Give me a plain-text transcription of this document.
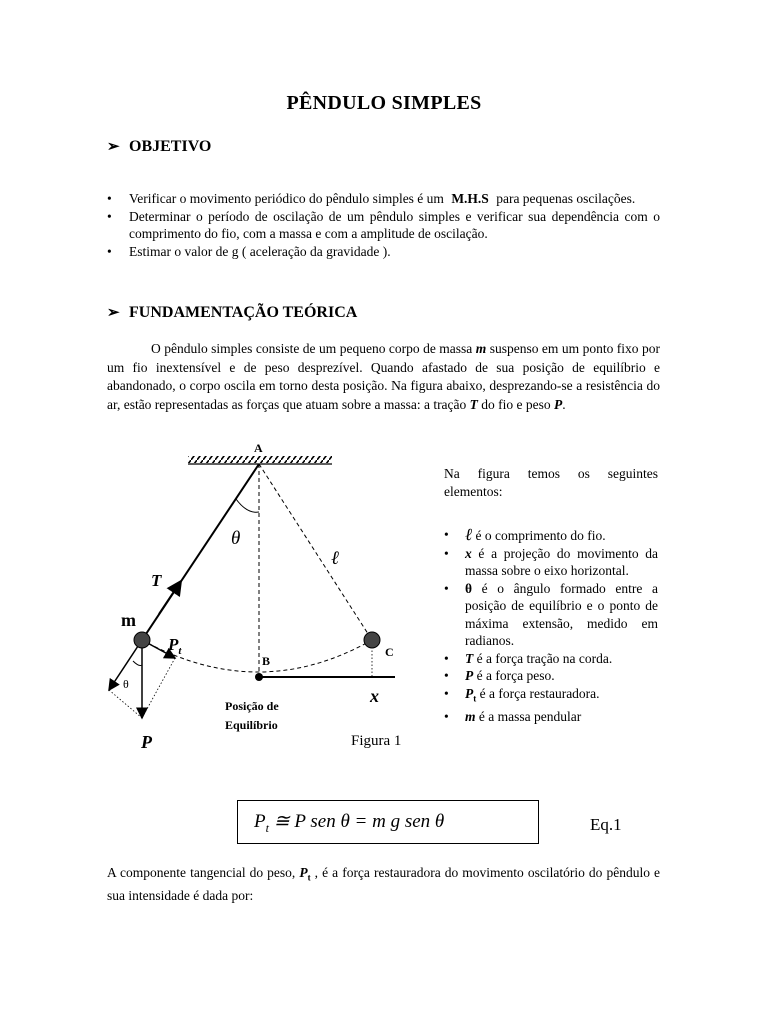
PÊNDULO SIMPLES
➢ OBJETIVO
• Verificar o movimento periódico do pêndulo simples é um M.H.S para pequenas oscilações.
• Determinar o período de oscilação de um pêndulo simples e verificar sua dependência com o comprimento do fio, com a massa e com a amplitude de oscilação.
• Estimar o valor de g ( aceleração da gravidade ).
➢ FUNDAMENTAÇÃO TEÓRICA

O pêndulo simples consiste de um pequeno corpo de massa m suspenso em um ponto fixo por um fio inextensível e de peso desprezível. Quando afastado de sua posição de equilíbrio e abandonado, o corpo oscila em torno desta posição. Na figura abaixo, desprezando-se a resistência do ar, estão representadas as forças que atuam sobre a massa: a tração T do fio e peso P.

A
θ
ℓ
T
m
$P_t$
θ
B
C
x
Posição de
Equilíbrio
P	Figura 1

Na figura temos os seguintes elementos:

• ℓ é o comprimento do fio.
• x é a projeção do movimento da massa sobre o eixo horizontal.
• θ é o ângulo formado entre a posição de equilíbrio e o ponto de máxima extensão, medido em radianos.
• T é a força tração na corda.
• P é a força peso.
• $P_t$ é a força restauradora.
• m é a massa pendular
$P_t$ ≅ P sen θ = m g sen θ	Eq.1

A componente tangencial do peso, $P_t$ , é a força restauradora do movimento oscilatório do pêndulo e sua intensidade é dada por:
